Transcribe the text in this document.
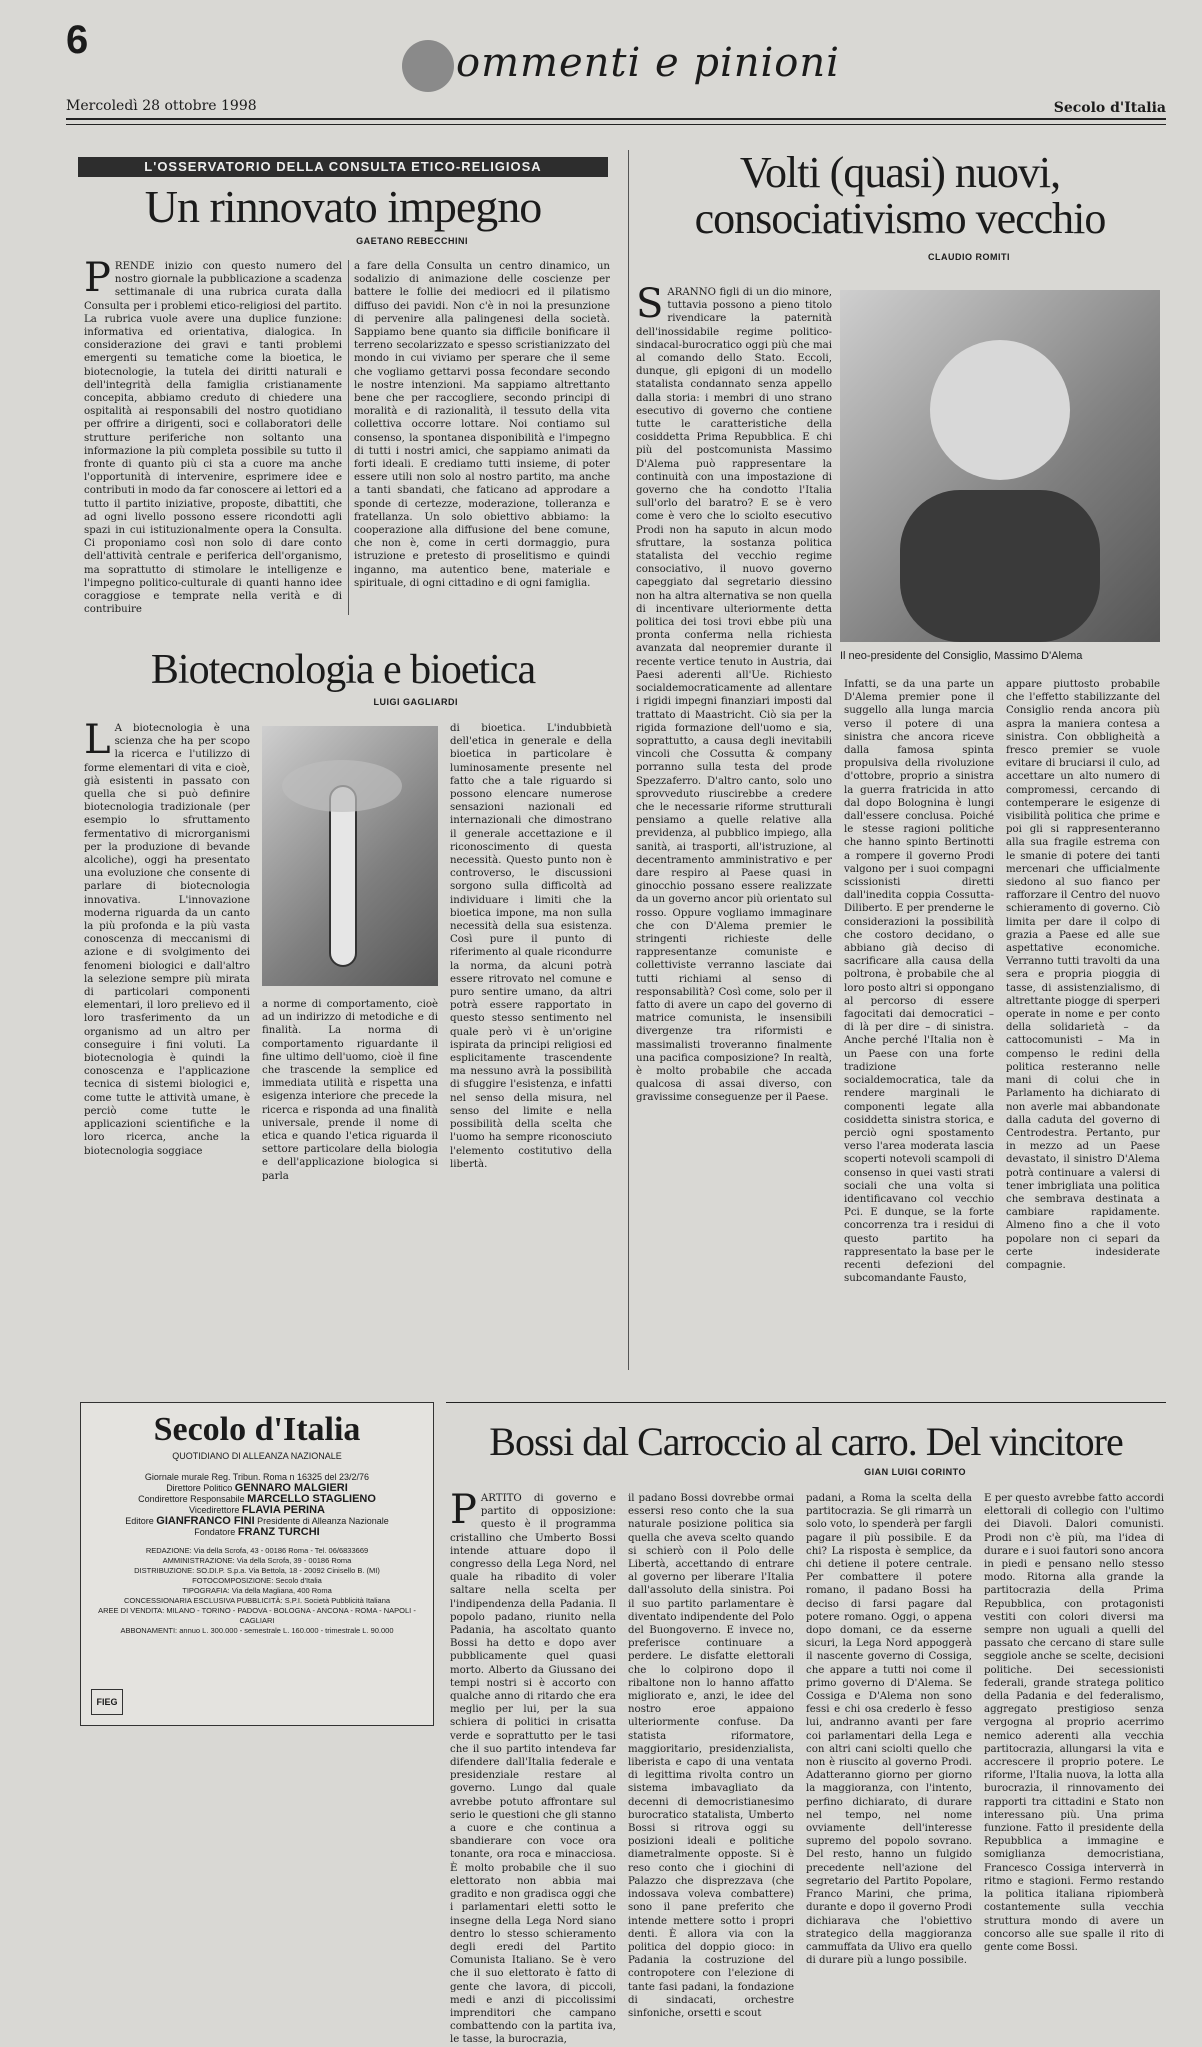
6	ommenti e pinioni
Mercoledì 28 ottobre 1998	Secolo d'Italia
L'OSSERVATORIO DELLA CONSULTA ETICO-RELIGIOSA
Un rinnovato impegno
GAETANO REBECCHINI
PRENDE inizio con questo numero del nostro giornale la pubblicazione a scadenza settimanale di una rubrica curata dalla Consulta per i problemi etico-religiosi del partito. La rubrica vuole avere una duplice funzione: informativa ed orientativa, dialogica. In considerazione dei gravi e tanti problemi emergenti su tematiche come la bioetica, le biotecnologie, la tutela dei diritti naturali e dell'integrità della famiglia cristianamente concepita, abbiamo creduto di chiedere una ospitalità ai responsabili del nostro quotidiano per offrire a dirigenti, soci e collaboratori delle strutture periferiche non soltanto una informazione la più completa possibile su tutto il fronte di quanto più ci sta a cuore ma anche l'opportunità di intervenire, esprimere idee e contributi in modo da far conoscere ai lettori ed a tutto il partito iniziative, proposte, dibattiti, che ad ogni livello possono essere ricondotti agli spazi in cui istituzionalmente opera la Consulta. Ci proponiamo così non solo di dare conto dell'attività centrale e periferica dell'organismo, ma soprattutto di stimolare le intelligenze e l'impegno politico-culturale di quanti hanno idee coraggiose e temprate nella verità e di contribuire
a fare della Consulta un centro dinamico, un sodalizio di animazione delle coscienze per battere le follie dei mediocri ed il pilatismo diffuso dei pavidi. Non c'è in noi la presunzione di pervenire alla palingenesi della società. Sappiamo bene quanto sia difficile bonificare il terreno secolarizzato e spesso scristianizzato del mondo in cui viviamo per sperare che il seme che vogliamo gettarvi possa fecondare secondo le nostre intenzioni. Ma sappiamo altrettanto bene che per raccogliere, secondo principi di moralità e di razionalità, il tessuto della vita collettiva occorre lottare. Noi contiamo sul consenso, la spontanea disponibilità e l'impegno di tutti i nostri amici, che sappiamo animati da forti ideali. E crediamo tutti insieme, di poter essere utili non solo al nostro partito, ma anche a tanti sbandati, che faticano ad approdare a sponde di certezze, moderazione, tolleranza e fratellanza. Un solo obiettivo abbiamo: la cooperazione alla diffusione del bene comune, che non è, come in certi dormaggio, pura istruzione e pretesto di proselitismo e quindi inganno, ma autentico bene, materiale e spirituale, di ogni cittadino e di ogni famiglia.
Biotecnologia e bioetica
LUIGI GAGLIARDI
L A biotecnologia è una scienza che ha per scopo la ricerca e l'utilizzo di forme elementari di vita e cioè, già esistenti in passato con quella che si può definire biotecnologia tradizionale (per esempio lo sfruttamento fermentativo di microrganismi per la produzione di bevande alcoliche), oggi ha presentato una evoluzione che consente di parlare di biotecnologia innovativa. L'innovazione moderna riguarda da un canto la più profonda e la più vasta conoscenza di meccanismi di azione e di svolgimento dei fenomeni biologici e dall'altro la selezione sempre più mirata di particolari componenti elementari, il loro prelievo ed il loro trasferimento da un organismo ad un altro per conseguire i fini voluti. La biotecnologia è quindi la conoscenza e l'applicazione tecnica di sistemi biologici e, come tutte le attività umane, è perciò come tutte le applicazioni scientifiche e la loro ricerca, anche la biotecnologia soggiace
a norme di comportamento, cioè ad un indirizzo di metodiche e di finalità. La norma di comportamento riguardante il fine ultimo dell'uomo, cioè il fine che trascende la semplice ed immediata utilità e rispetta una esigenza interiore che precede la ricerca e risponda ad una finalità universale, prende il nome di etica e quando l'etica riguarda il settore particolare della biologia e dell'applicazione biologica si parla
di bioetica. L'indubbietà dell'etica in generale e della bioetica in particolare è luminosamente presente nel fatto che a tale riguardo si possono elencare numerose sensazioni nazionali ed internazionali che dimostrano il generale accettazione e il riconoscimento di questa necessità. Questo punto non è controverso, le discussioni sorgono sulla difficoltà ad individuare i limiti che la bioetica impone, ma non sulla necessità della sua esistenza. Così pure il punto di riferimento al quale ricondurre la norma, da alcuni potrà essere ritrovato nel comune e puro sentire umano, da altri potrà essere rapportato in questo stesso sentimento nel quale però vi è un'origine ispirata da principi religiosi ed esplicitamente trascendente ma nessuno avrà la possibilità di sfuggire l'esistenza, e infatti nel senso della misura, nel senso del limite e nella possibilità della scelta che l'uomo ha sempre riconosciuto l'elemento costitutivo della libertà.
Volti (quasi) nuovi,
consociativismo vecchio
CLAUDIO ROMITI
Il neo-presidente del Consiglio, Massimo D'Alema
SARANNO figli di un dio minore, tuttavia possono a pieno titolo rivendicare la paternità dell'inossidabile regime politico-sindacal-burocratico oggi più che mai al comando dello Stato. Eccoli, dunque, gli epigoni di un modello statalista condannato senza appello dalla storia: i membri di uno strano esecutivo di governo che contiene tutte le caratteristiche della cosiddetta Prima Repubblica. E chi più del postcomunista Massimo D'Alema può rappresentare la continuità con una impostazione di governo che ha condotto l'Italia sull'orlo del baratro? E se è vero come è vero che lo sciolto esecutivo Prodi non ha saputo in alcun modo sfruttare, la sostanza politica statalista del vecchio regime consociativo, il nuovo governo capeggiato dal segretario diessino non ha altra alternativa se non quella di incentivare ulteriormente detta politica dei tosi trovi ebbe più una pronta conferma nella richiesta avanzata dal neopremier durante il recente vertice tenuto in Austria, dai Paesi aderenti all'Ue. Richiesto socialdemocraticamente ad allentare i rigidi impegni finanziari imposti dal trattato di Maastricht. Ciò sia per la rigida formazione dell'uomo e sia, soprattutto, a causa degli inevitabili vincoli che Cossutta & company porranno sulla testa del prode Spezzaferro. D'altro canto, solo uno sprovveduto riuscirebbe a credere che le necessarie riforme strutturali pensiamo a quelle relative alla previdenza, al pubblico impiego, alla sanità, ai trasporti, all'istruzione, al decentramento amministrativo e per dare respiro al Paese quasi in ginocchio possano essere realizzate da un governo ancor più orientato sul rosso. Oppure vogliamo immaginare che con D'Alema premier le stringenti richieste delle rappresentanze comuniste e collettiviste verranno lasciate dai tutti richiami al senso di responsabilità? Così come, solo per il fatto di avere un capo del governo di matrice comunista, le insensibili divergenze tra riformisti e massimalisti troveranno finalmente una pacifica composizione? In realtà, è molto probabile che accada qualcosa di assai diverso, con gravissime conseguenze per il Paese.
Infatti, se da una parte un D'Alema premier pone il suggello alla lunga marcia verso il potere di una sinistra che ancora riceve dalla famosa spinta propulsiva della rivoluzione d'ottobre, proprio a sinistra la guerra fratricida in atto dal dopo Bolognina è lungi dall'essere conclusa. Poiché le stesse ragioni politiche che hanno spinto Bertinotti a rompere il governo Prodi valgono per i suoi compagni scissionisti diretti dall'inedita coppia Cossutta-Diliberto. E per prenderne le considerazioni la possibilità che costoro decidano, o abbiano già deciso di sacrificare alla causa della poltrona, è probabile che al loro posto altri si oppongano al percorso di essere fagocitati dai democratici – di là per dire – di sinistra. Anche perché l'Italia non è un Paese con una forte tradizione socialdemocratica, tale da rendere marginali le componenti legate alla cosiddetta sinistra storica, e perciò ogni spostamento verso l'area moderata lascia scoperti notevoli scampoli di consenso in quei vasti strati sociali che una volta si identificavano col vecchio Pci. E dunque, se la forte concorrenza tra i residui di questo partito ha rappresentato la base per le recenti defezioni del subcomandante Fausto,
appare piuttosto probabile che l'effetto stabilizzante del Consiglio renda ancora più aspra la maniera contesa a sinistra. Con obbligheità a fresco premier se vuole evitare di bruciarsi il culo, ad accettare un alto numero di compromessi, cercando di contemperare le esigenze di visibilità politica che prime e poi gli si rappresenteranno alla sua fragile estrema con le smanie di potere dei tanti mercenari che ufficialmente siedono al suo fianco per rafforzare il Centro del nuovo schieramento di governo. Ciò limita per dare il colpo di grazia a Paese ed alle sue aspettative economiche. Verranno tutti travolti da una sera e propria pioggia di tasse, di assistenzialismo, di altrettante piogge di sperperi operate in nome e per conto della solidarietà – da cattocomunisti – Ma in compenso le redini della politica resteranno nelle mani di colui che in Parlamento ha dichiarato di non averle mai abbandonate dalla caduta del governo di Centrodestra. Pertanto, pur in mezzo ad un Paese devastato, il sinistro D'Alema potrà continuare a valersi di tener imbrigliata una politica che sembrava destinata a cambiare rapidamente. Almeno fino a che il voto popolare non ci separi da certe indesiderate compagnie.
Secolo d'Italia
QUOTIDIANO DI ALLEANZA NAZIONALE
Giornale murale Reg. Tribun. Roma n 16325 del 23/2/76
Direttore Politico GENNARO MALGIERI
Condirettore Responsabile MARCELLO STAGLIENO
Vicedirettore FLAVIA PERINA
Editore GIANFRANCO FINI Presidente di Alleanza Nazionale
Fondatore FRANZ TURCHI
REDAZIONE: Via della Scrofa, 43 - 00186 Roma - Tel. 06/6833669
AMMINISTRAZIONE: Via della Scrofa, 39 - 00186 Roma
DISTRIBUZIONE: SO.DI.P. S.p.a. Via Bettola, 18 - 20092 Cinisello B. (MI)
FOTOCOMPOSIZIONE: Secolo d'Italia
TIPOGRAFIA: Via della Magliana, 400 Roma
CONCESSIONARIA ESCLUSIVA PUBBLICITÀ: S.P.I. Società Pubblicità Italiana
AREE DI VENDITA: MILANO - TORINO - PADOVA - BOLOGNA - ANCONA - ROMA - NAPOLI - CAGLIARI
ABBONAMENTI: annuo L. 300.000 - semestrale L. 160.000 - trimestrale L. 90.000
FIEG
Bossi dal Carroccio al carro. Del vincitore
GIAN LUIGI CORINTO
PARTITO di governo e partito di opposizione: questo è il programma cristallino che Umberto Bossi intende attuare dopo il congresso della Lega Nord, nel quale ha ribadito di voler saltare nella scelta per l'indipendenza della Padania. Il popolo padano, riunito nella Padania, ha ascoltato quanto Bossi ha detto e dopo aver pubblicamente quel quasi morto. Alberto da Giussano dei tempi nostri si è accorto con qualche anno di ritardo che era meglio per lui, per la sua schiera di politici in crisatta verde e soprattutto per le tasi che il suo partito intendeva far difendere dall'Italia federale e presidenziale restare al governo. Lungo dal quale avrebbe potuto affrontare sul serio le questioni che gli stanno a cuore e che continua a sbandierare con voce ora tonante, ora roca e minacciosa. È molto probabile che il suo elettorato non abbia mai gradito e non gradisca oggi che i parlamentari eletti sotto le insegne della Lega Nord siano dentro lo stesso schieramento degli eredi del Partito Comunista Italiano. Se è vero che il suo elettorato è fatto di gente che lavora, di piccoli, medi e anzi di piccolissimi imprenditori che campano combattendo con la partita iva, le tasse, la burocrazia,
il padano Bossi dovrebbe ormai essersi reso conto che la sua naturale posizione politica sia quella che aveva scelto quando si schierò con il Polo delle Libertà, accettando di entrare al governo per liberare l'Italia dall'assoluto della sinistra. Poi il suo partito parlamentare è diventato indipendente del Polo del Buongoverno. E invece no, preferisce continuare a perdere. Le disfatte elettorali che lo colpirono dopo il ribaltone non lo hanno affatto migliorato e, anzi, le idee del nostro eroe appaiono ulteriormente confuse. Da statista riformatore, maggioritario, presidenzialista, liberista e capo di una ventata di legittima rivolta contro un sistema imbavagliato da decenni di democristianesimo burocratico statalista, Umberto Bossi si ritrova oggi su posizioni ideali e politiche diametralmente opposte. Si è reso conto che i giochini di Palazzo che disprezzava (che indossava voleva combattere) sono il pane preferito che intende mettere sotto i propri denti. È allora via con la politica del doppio gioco: in Padania la costruzione del contropotere con l'elezione di tante fasi padani, la fondazione di sindacati, orchestre sinfoniche, orsetti e scout
padani, a Roma la scelta della partitocrazia. Se gli rimarrà un solo voto, lo spenderà per fargli pagare il più possibile. E da chi? La risposta è semplice, da chi detiene il potere centrale. Per combattere il potere romano, il padano Bossi ha deciso di farsi pagare dal potere romano. Oggi, o appena dopo domani, ce da esserne sicuri, la Lega Nord appoggerà il nascente governo di Cossiga, che appare a tutti noi come il primo governo di D'Alema. Se Cossiga e D'Alema non sono fessi e chi osa crederlo è fesso lui, andranno avanti per fare coi parlamentari della Lega e con altri cani sciolti quello che non è riuscito al governo Prodi. Adatteranno giorno per giorno la maggioranza, con l'intento, perfino dichiarato, di durare nel tempo, nel nome ovviamente dell'interesse supremo del popolo sovrano. Del resto, hanno un fulgido precedente nell'azione del segretario del Partito Popolare, Franco Marini, che prima, durante e dopo il governo Prodi dichiarava che l'obiettivo strategico della maggioranza cammuffata da Ulivo era quello di durare più a lungo possibile.
E per questo avrebbe fatto accordi elettorali di collegio con l'ultimo dei Diavoli. Dalori comunisti. Prodi non c'è più, ma l'idea di durare e i suoi fautori sono ancora in piedi e pensano nello stesso modo. Ritorna alla grande la partitocrazia della Prima Repubblica, con protagonisti vestiti con colori diversi ma sempre non uguali a quelli del passato che cercano di stare sulle seggiole anche se scelte, decisioni politiche. Dei secessionisti federali, grande stratega politico della Padania e del federalismo, aggregato prestigioso senza vergogna al proprio acerrimo nemico aderenti alla vecchia partitocrazia, allungarsi la vita e accrescere il proprio potere. Le riforme, l'Italia nuova, la lotta alla burocrazia, il rinnovamento dei rapporti tra cittadini e Stato non interessano più. Una prima funzione. Fatto il presidente della Repubblica a immagine e somiglianza democristiana, Francesco Cossiga interverrà in ritmo e stagioni. Fermo restando la politica italiana ripiomberà costantemente sulla vecchia struttura mondo di avere un concorso alle sue spalle il rito di gente come Bossi.
